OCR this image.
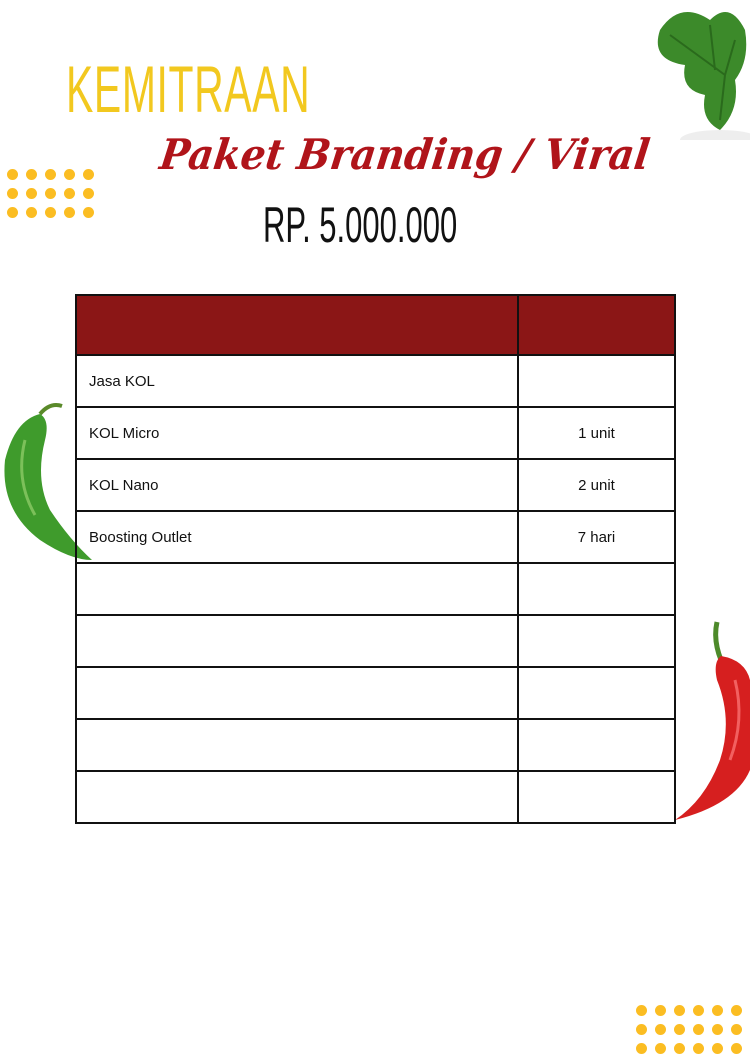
KEMITRAAN
Paket Branding / Viral
RP. 5.000.000

Jasa KOL	
KOL Micro	1 unit
KOL Nano	2 unit
Boosting Outlet	7 hari
